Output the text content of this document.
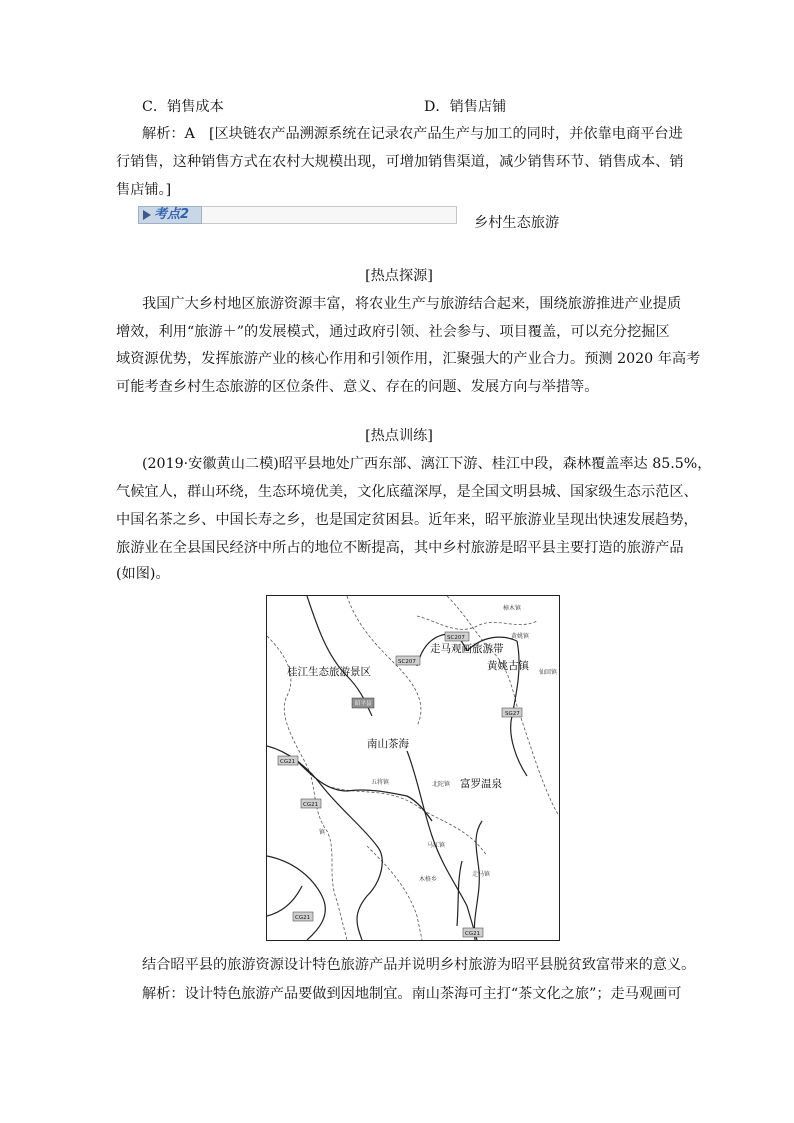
C．销售成本	D．销售店铺
解析：A　[区块链农产品溯源系统在记录农产品生产与加工的同时，并依靠电商平台进
行销售，这种销售方式在农村大规模出现，可增加销售渠道，减少销售环节、销售成本、销
售店铺。]
考点2
乡村生态旅游
[热点探源]
我国广大乡村地区旅游资源丰富，将农业生产与旅游结合起来，围绕旅游推进产业提质
增效，利用“旅游＋”的发展模式，通过政府引领、社会参与、项目覆盖，可以充分挖掘区
域资源优势，发挥旅游产业的核心作用和引领作用，汇聚强大的产业合力。预测 2020 年高考
可能考查乡村生态旅游的区位条件、意义、存在的问题、发展方向与举措等。
[热点训练]
(2019·安徽黄山二模)昭平县地处广西东部、漓江下游、桂江中段，森林覆盖率达 85.5%，
气候宜人，群山环绕，生态环境优美，文化底蕴深厚，是全国文明县城、国家级生态示范区、
中国名茶之乡、中国长寿之乡，也是国定贫困县。近年来，昭平旅游业呈现出快速发展趋势，
旅游业在全县国民经济中所占的地位不断提高，其中乡村旅游是昭平县主要打造的旅游产品
(如图)。
SC207
SC207
昭平县
SG27
CG21
CG21
CG21
CG21
桂江生态旅游景区
走马观画旅游带
黄姚古镇
南山茶海
富罗温泉
樟木镇
仙回镇
五将镇	北陀镇
马江镇
木格乡
走马镇
镇
黄姚镇
结合昭平县的旅游资源设计特色旅游产品并说明乡村旅游为昭平县脱贫致富带来的意义。
解析：设计特色旅游产品要做到因地制宜。南山茶海可主打“茶文化之旅”；走马观画可
